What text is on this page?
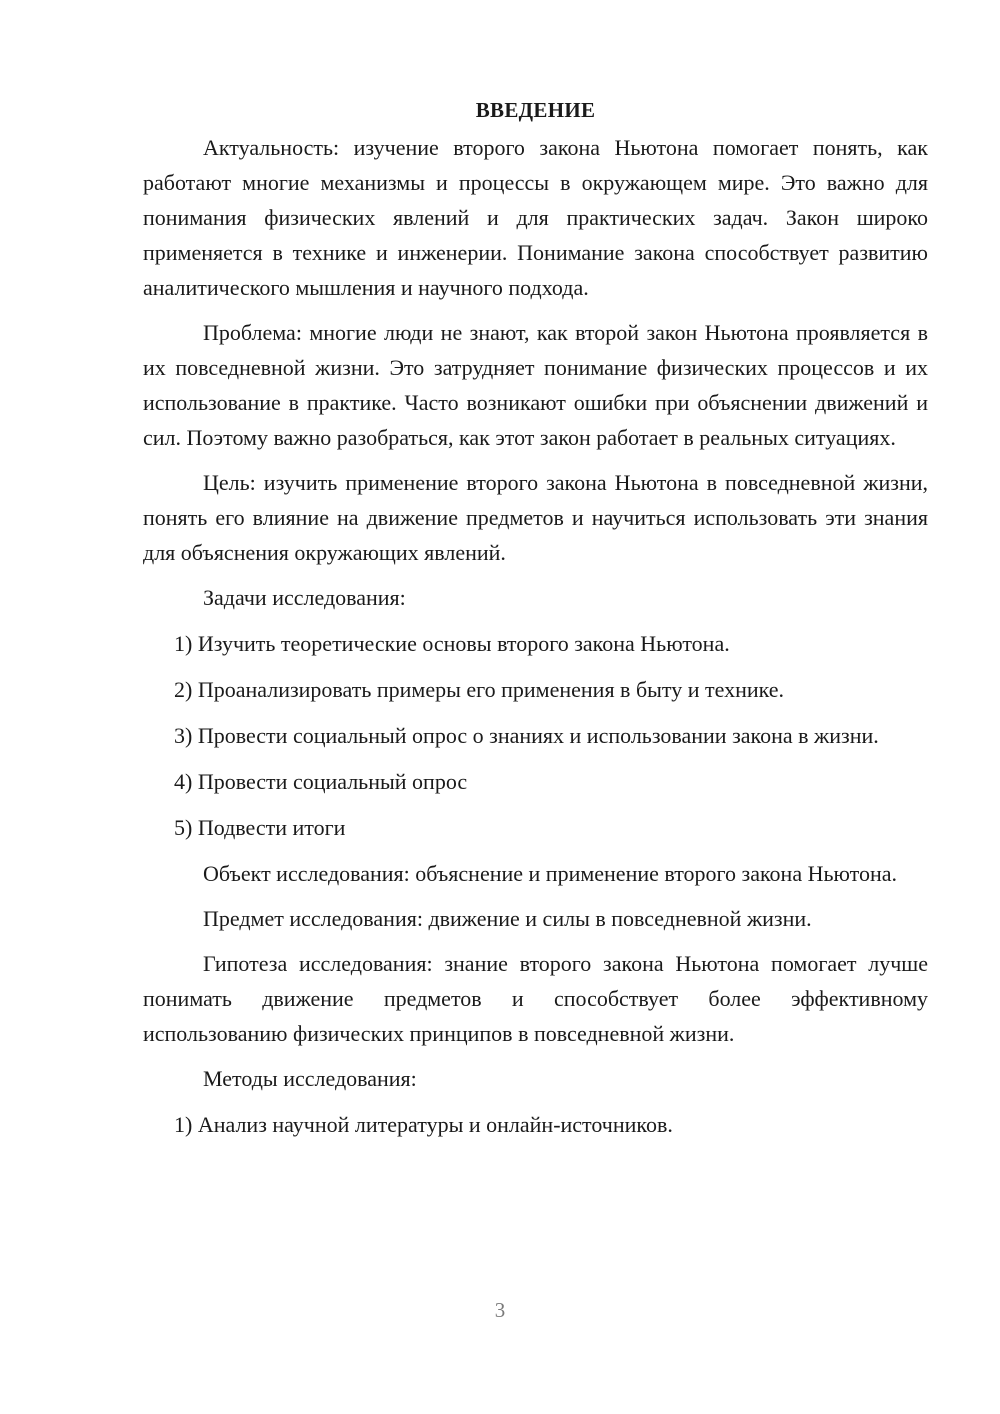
ВВЕДЕНИЕ

Актуальность: изучение второго закона Ньютона помогает понять, как работают многие механизмы и процессы в окружающем мире. Это важно для понимания физических явлений и для практических задач. Закон широко применяется в технике и инженерии. Понимание закона способствует развитию аналитического мышления и научного подхода.

Проблема: многие люди не знают, как второй закон Ньютона проявляется в их повседневной жизни. Это затрудняет понимание физических процессов и их использование в практике. Часто возникают ошибки при объяснении движений и сил. Поэтому важно разобраться, как этот закон работает в реальных ситуациях.

Цель: изучить применение второго закона Ньютона в повседневной жизни, понять его влияние на движение предметов и научиться использовать эти знания для объяснения окружающих явлений.

Задачи исследования:

1) Изучить теоретические основы второго закона Ньютона.

2) Проанализировать примеры его применения в быту и технике.

3) Провести социальный опрос о знаниях и использовании закона в жизни.

4) Провести социальный опрос

5) Подвести итоги

Объект исследования: объяснение и применение второго закона Ньютона.

Предмет исследования: движение и силы в повседневной жизни.

Гипотеза исследования: знание второго закона Ньютона помогает лучше понимать движение предметов и способствует более эффективному использованию физических принципов в повседневной жизни.

Методы исследования:

1) Анализ научной литературы и онлайн-источников.

3
